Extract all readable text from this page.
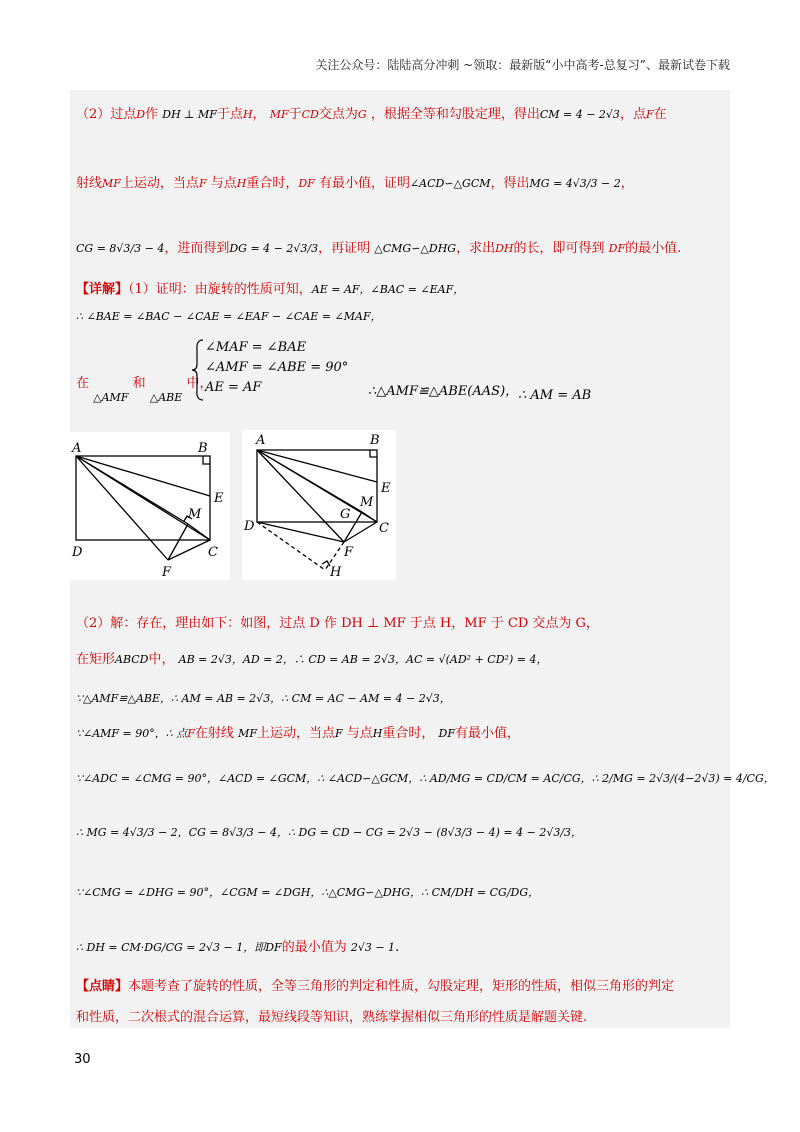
关注公众号：陆陆高分冲刺 ~领取：最新版“小中高考-总复习”、最新试卷下载
（2）过点D作 DH ⊥ MF于点H， MF于CD交点为G ，根据全等和勾股定理，得出CM = 4 − 2√3，点F在
射线MF上运动，当点F 与点H重合时，DF 有最小值，证明∠ACD∽△GCM，得出MG = 4√3/3 − 2，
CG = 8√3/3 − 4，进而得到DG = 4 − 2√3/3，再证明 △CMG∽△DHG，求出DH的长，即可得到 DF的最小值.
【详解】（1）证明：由旋转的性质可知，AE = AF，∠BAC = ∠EAF，
∴ ∠BAE = ∠BAC − ∠CAE = ∠EAF − ∠CAE = ∠MAF，
在 $_{\triangle AMF}$ 和 $_{\triangle ABE}$ 中，
∠MAF = ∠BAE
∠AMF = ∠ABE = 90°
AE = AF	∴△AMF≌△ABE(AAS)， ∴ AM = AB
A	B
E
M
D	C
F
A	B
E
M
G
D	C
F
H
（2）解：存在，理由如下：如图，过点 D 作 DH ⊥ MF 于点 H，MF 于 CD 交点为 G，
在矩形ABCD中， AB = 2√3，AD = 2，∴ CD = AB = 2√3，AC = √(AD² + CD²) = 4，
∵△AMF≌△ABE，∴ AM = AB = 2√3，∴ CM = AC − AM = 4 − 2√3，
∵∠AMF = 90°，∴ 点F在射线 MF上运动，当点F 与点H重合时， DF有最小值，
∵∠ADC = ∠CMG = 90°，∠ACD = ∠GCM，∴ ∠ACD∽△GCM，∴ AD/MG = CD/CM = AC/CG，∴ 2/MG = 2√3/(4−2√3) = 4/CG，
∴ MG = 4√3/3 − 2，CG = 8√3/3 − 4，∴ DG = CD − CG = 2√3 − (8√3/3 − 4) = 4 − 2√3/3，
∵∠CMG = ∠DHG = 90°，∠CGM = ∠DGH，∴△CMG∽△DHG，∴ CM/DH = CG/DG，
∴ DH = CM·DG/CG = 2√3 − 1，即DF的最小值为 2√3 − 1.
【点睛】本题考查了旋转的性质，全等三角形的判定和性质，勾股定理，矩形的性质，相似三角形的判定
和性质，二次根式的混合运算，最短线段等知识，熟练掌握相似三角形的性质是解题关键.
30
